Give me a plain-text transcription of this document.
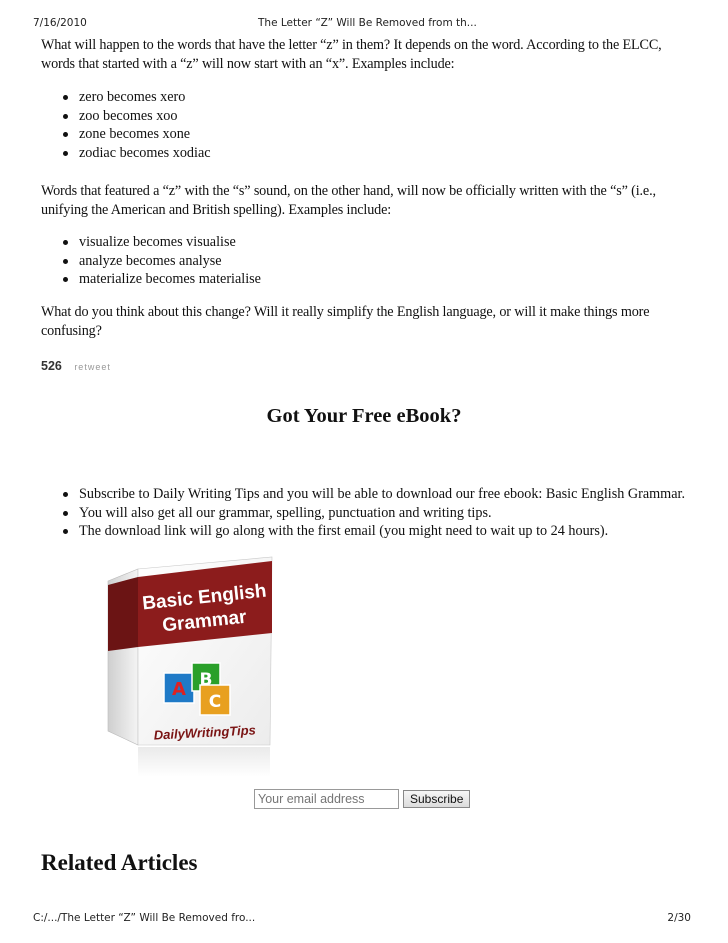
7/16/2010	The Letter “Z” Will Be Removed from th...
What will happen to the words that have the letter “z” in them? It depends on the word. According to the ELCC, words that started with a “z” will now start with an “x”. Examples include:
zero becomes xero
zoo becomes xoo
zone becomes xone
zodiac becomes xodiac
Words that featured a “z” with the “s” sound, on the other hand, will now be officially written with the “s” (i.e., unifying the American and British spelling). Examples include:
visualize becomes visualise
analyze becomes analyse
materialize becomes materialise
What do you think about this change? Will it really simplify the English language, or will it make things more confusing?
526 retweet
Got Your Free eBook?
Subscribe to Daily Writing Tips and you will be able to download our free ebook: Basic English Grammar.
You will also get all our grammar, spelling, punctuation and writing tips.
The download link will go along with the first email (you might need to wait up to 24 hours).
Basic English
Grammar
A B
C
DailyWritingTips
Your email address
Subscribe
Related Articles
C:/.../The Letter “Z” Will Be Removed fro...	2/30
